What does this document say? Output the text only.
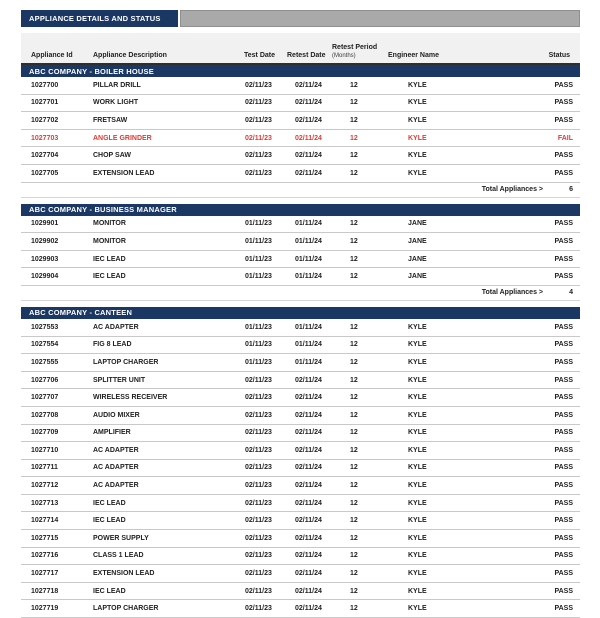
APPLIANCE DETAILS AND STATUS
Appliance Id	Appliance Description	Test Date	Retest Date
Retest Period
(Months)	Engineer Name	Status
ABC COMPANY - BOILER HOUSE
1027700	PILLAR DRILL	02/11/23	02/11/24	12	KYLE	PASS
1027701	WORK LIGHT	02/11/23	02/11/24	12	KYLE	PASS
1027702	FRETSAW	02/11/23	02/11/24	12	KYLE	PASS
1027703	ANGLE GRINDER	02/11/23	02/11/24	12	KYLE	FAIL
1027704	CHOP SAW	02/11/23	02/11/24	12	KYLE	PASS
1027705	EXTENSION LEAD	02/11/23	02/11/24	12	KYLE	PASS
Total Appliances >	6
ABC COMPANY - BUSINESS MANAGER
1029901	MONITOR	01/11/23	01/11/24	12	JANE	PASS
1029902	MONITOR	01/11/23	01/11/24	12	JANE	PASS
1029903	IEC LEAD	01/11/23	01/11/24	12	JANE	PASS
1029904	IEC LEAD	01/11/23	01/11/24	12	JANE	PASS
Total Appliances >	4
ABC COMPANY - CANTEEN
1027553	AC ADAPTER	01/11/23	01/11/24	12	KYLE	PASS
1027554	FIG 8 LEAD	01/11/23	01/11/24	12	KYLE	PASS
1027555	LAPTOP CHARGER	01/11/23	01/11/24	12	KYLE	PASS
1027706	SPLITTER UNIT	02/11/23	02/11/24	12	KYLE	PASS
1027707	WIRELESS RECEIVER	02/11/23	02/11/24	12	KYLE	PASS
1027708	AUDIO MIXER	02/11/23	02/11/24	12	KYLE	PASS
1027709	AMPLIFIER	02/11/23	02/11/24	12	KYLE	PASS
1027710	AC ADAPTER	02/11/23	02/11/24	12	KYLE	PASS
1027711	AC ADAPTER	02/11/23	02/11/24	12	KYLE	PASS
1027712	AC ADAPTER	02/11/23	02/11/24	12	KYLE	PASS
1027713	IEC LEAD	02/11/23	02/11/24	12	KYLE	PASS
1027714	IEC LEAD	02/11/23	02/11/24	12	KYLE	PASS
1027715	POWER SUPPLY	02/11/23	02/11/24	12	KYLE	PASS
1027716	CLASS 1 LEAD	02/11/23	02/11/24	12	KYLE	PASS
1027717	EXTENSION LEAD	02/11/23	02/11/24	12	KYLE	PASS
1027718	IEC LEAD	02/11/23	02/11/24	12	KYLE	PASS
1027719	LAPTOP CHARGER	02/11/23	02/11/24	12	KYLE	PASS
